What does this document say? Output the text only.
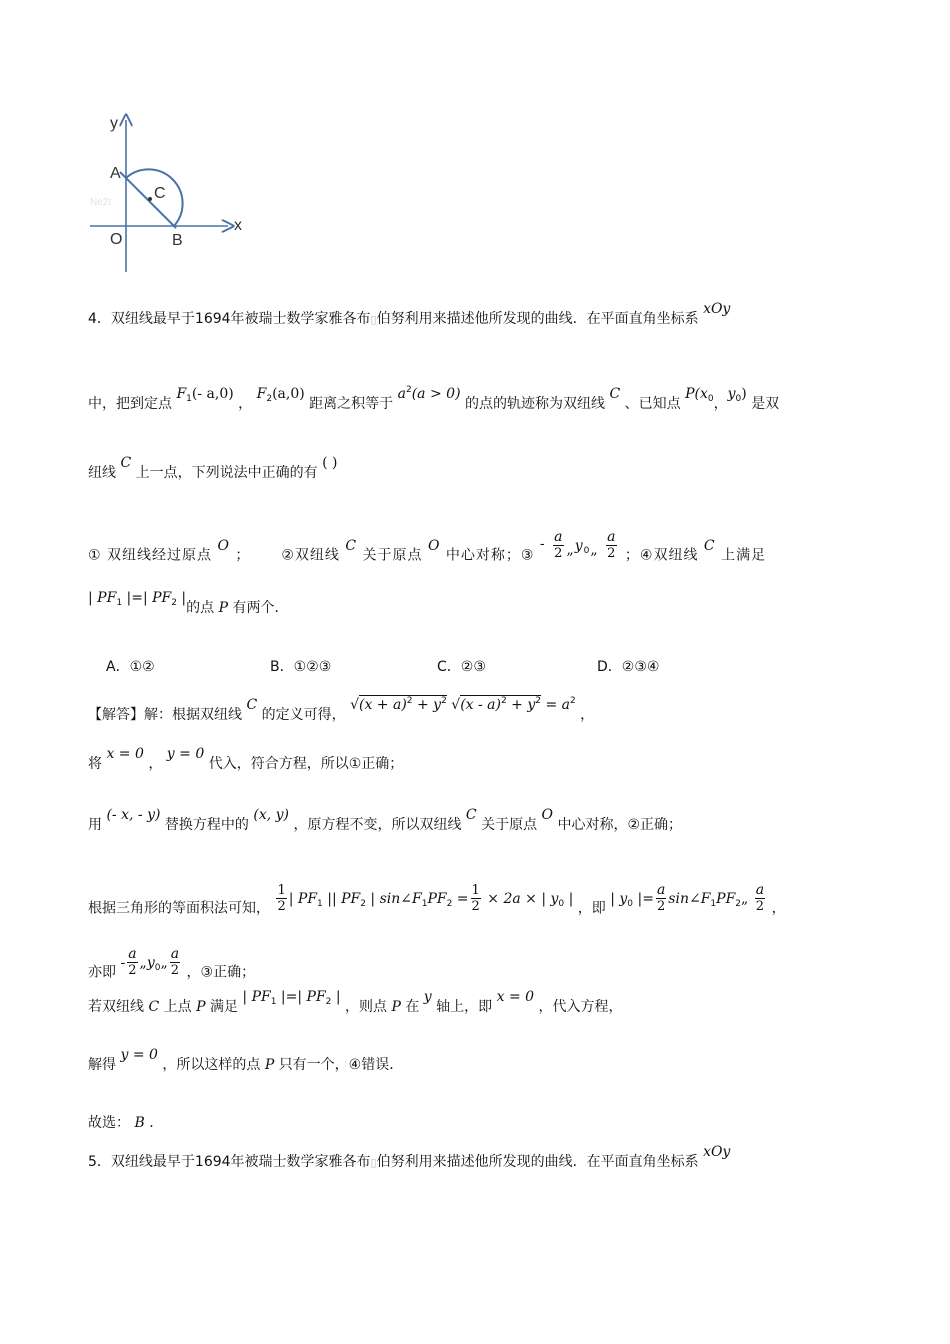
y
x
A
C
O	B
Ne2t
4．双纽线最早于1694年被瑞士数学家雅各布▯伯努利用来描述他所发现的曲线．在平面直角坐标系 xOy
中，把到定点 $F_1(-$ a,0) ， $F_2(a,0)$ 距离之积等于 $a^2(a > 0)$ 的点的轨迹称为双纽线 C 、已知点 $P(x_0$，$y_0$) 是双
纽线 C 上一点，下列说法中正确的有 ( )
① 双纽线经过原点 O ； ②双纽线 C 关于原点 O 中心对称；③ - $\frac{a}{2}$ $„y^0„ \frac{a}{2}$ ；④双纽线 C 上满足
| $PF_1$ |=| $PF_2$ |的点 P 有两个．
A．①②	B．①②③	C．②③	D．②③④
【解答】解：根据双纽线 C 的定义可得， $√(x + a)^2 + y^2$ $√(x - a)^2 + y^2 = a^2$ ，
将 x = 0 ， y = 0 代入，符合方程，所以①正确；
用 (- x, - y) 替换方程中的 (x, y) ，原方程不变，所以双纽线 C 关于原点 O 中心对称，②正确；
根据三角形的等面积法可知， $\frac{1}{2}$ | $PF_1$ || $PF_2$ | $\sin\angle F_1PF_2 = \frac{1}{2} \times 2a$ × | $y_0$ | ，即 | $y_0$ |= $\frac{a}{2}$ $\sin\angle F_1PF_2„ \frac{a}{2}$ ，
亦即 - $\frac{a}{2}$ $„y_0„ \frac{a}{2}$ ，③正确；
若双纽线 C 上点 P 满足 | $PF_1$ |=| $PF_2$ | ，则点 P 在 y 轴上，即 x = 0 ，代入方程，
解得 y = 0 ，所以这样的点 P 只有一个，④错误．
故选： B ．
5．双纽线最早于1694年被瑞士数学家雅各布▯伯努利用来描述他所发现的曲线．在平面直角坐标系 xOy
